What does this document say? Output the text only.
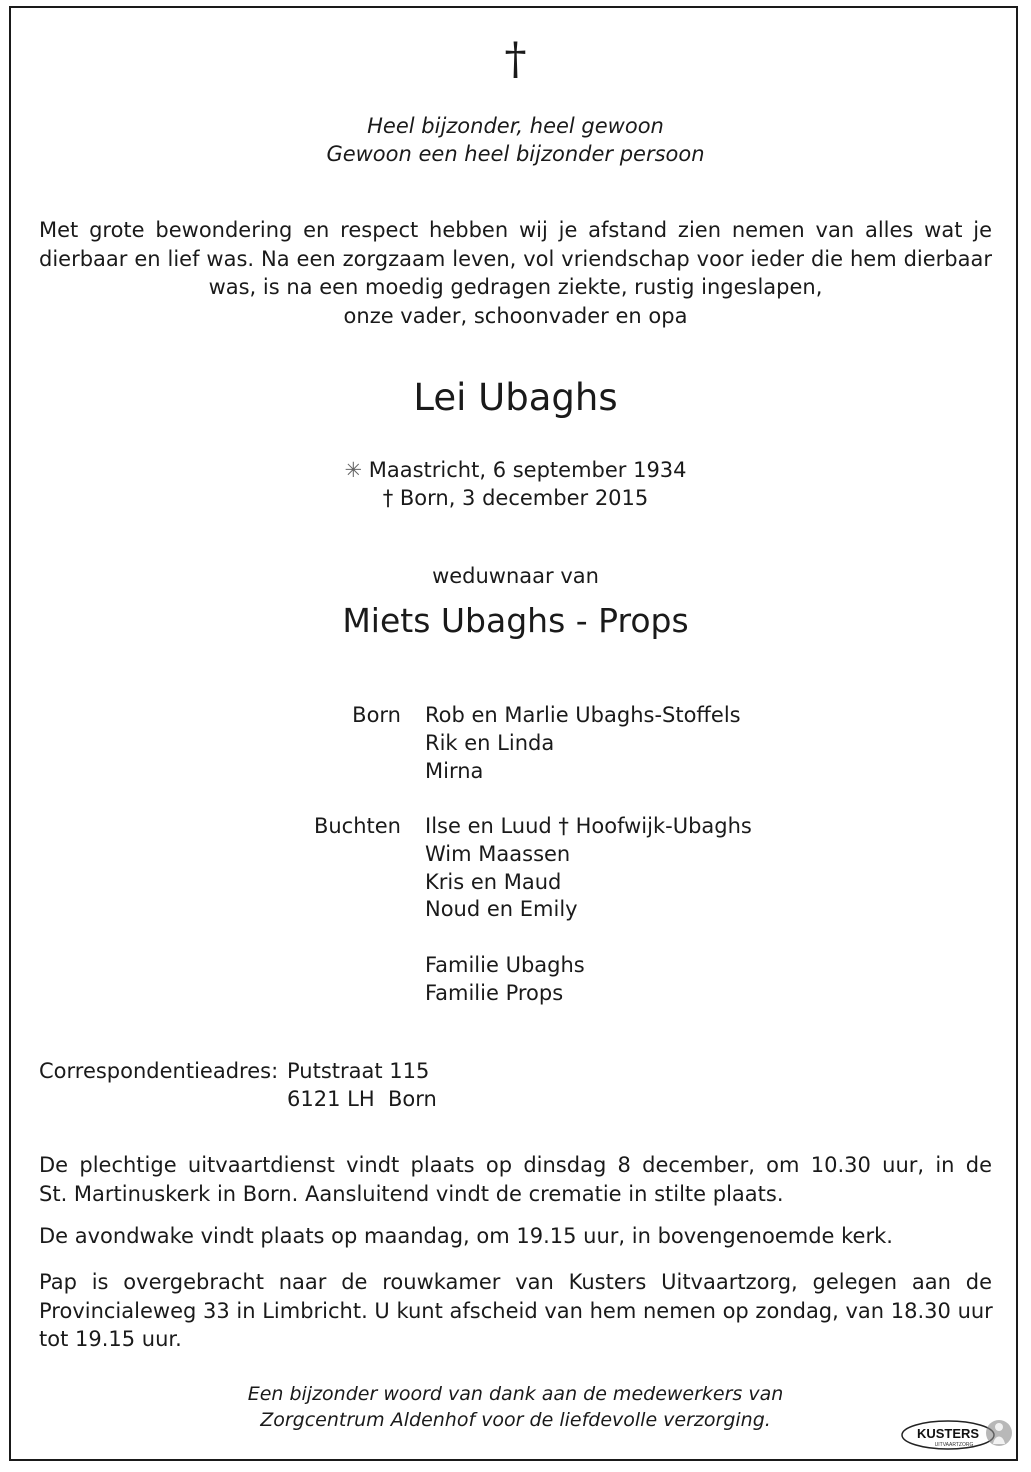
†
Heel bijzonder, heel gewoon
Gewoon een heel bijzonder persoon
Met grote bewondering en respect hebben wij je afstand zien nemen van alles wat je
dierbaar en lief was. Na een zorgzaam leven, vol vriendschap voor ieder die hem dierbaar
was, is na een moedig gedragen ziekte, rustig ingeslapen,
onze vader, schoonvader en opa
Lei Ubaghs
✳ Maastricht, 6 september 1934
† Born, 3 december 2015
weduwnaar van
Miets Ubaghs - Props
Born Rob en Marlie Ubaghs-Stoffels
Rik en Linda
Mirna
Buchten Ilse en Luud † Hoofwijk-Ubaghs
Wim Maassen
Kris en Maud
Noud en Emily
Familie Ubaghs
Familie Props
Correspondentieadres: Putstraat 115
6121 LH  Born
De plechtige uitvaartdienst vindt plaats op dinsdag 8 december, om 10.30 uur, in de
St. Martinuskerk in Born. Aansluitend vindt de crematie in stilte plaats.
De avondwake vindt plaats op maandag, om 19.15 uur, in bovengenoemde kerk.
Pap is overgebracht naar de rouwkamer van Kusters Uitvaartzorg, gelegen aan de
Provincialeweg 33 in Limbricht. U kunt afscheid van hem nemen op zondag, van 18.30 uur
tot 19.15 uur.
Een bijzonder woord van dank aan de medewerkers van
Zorgcentrum Aldenhof voor de liefdevolle verzorging.
KUSTERS
UITVAARTZORG
